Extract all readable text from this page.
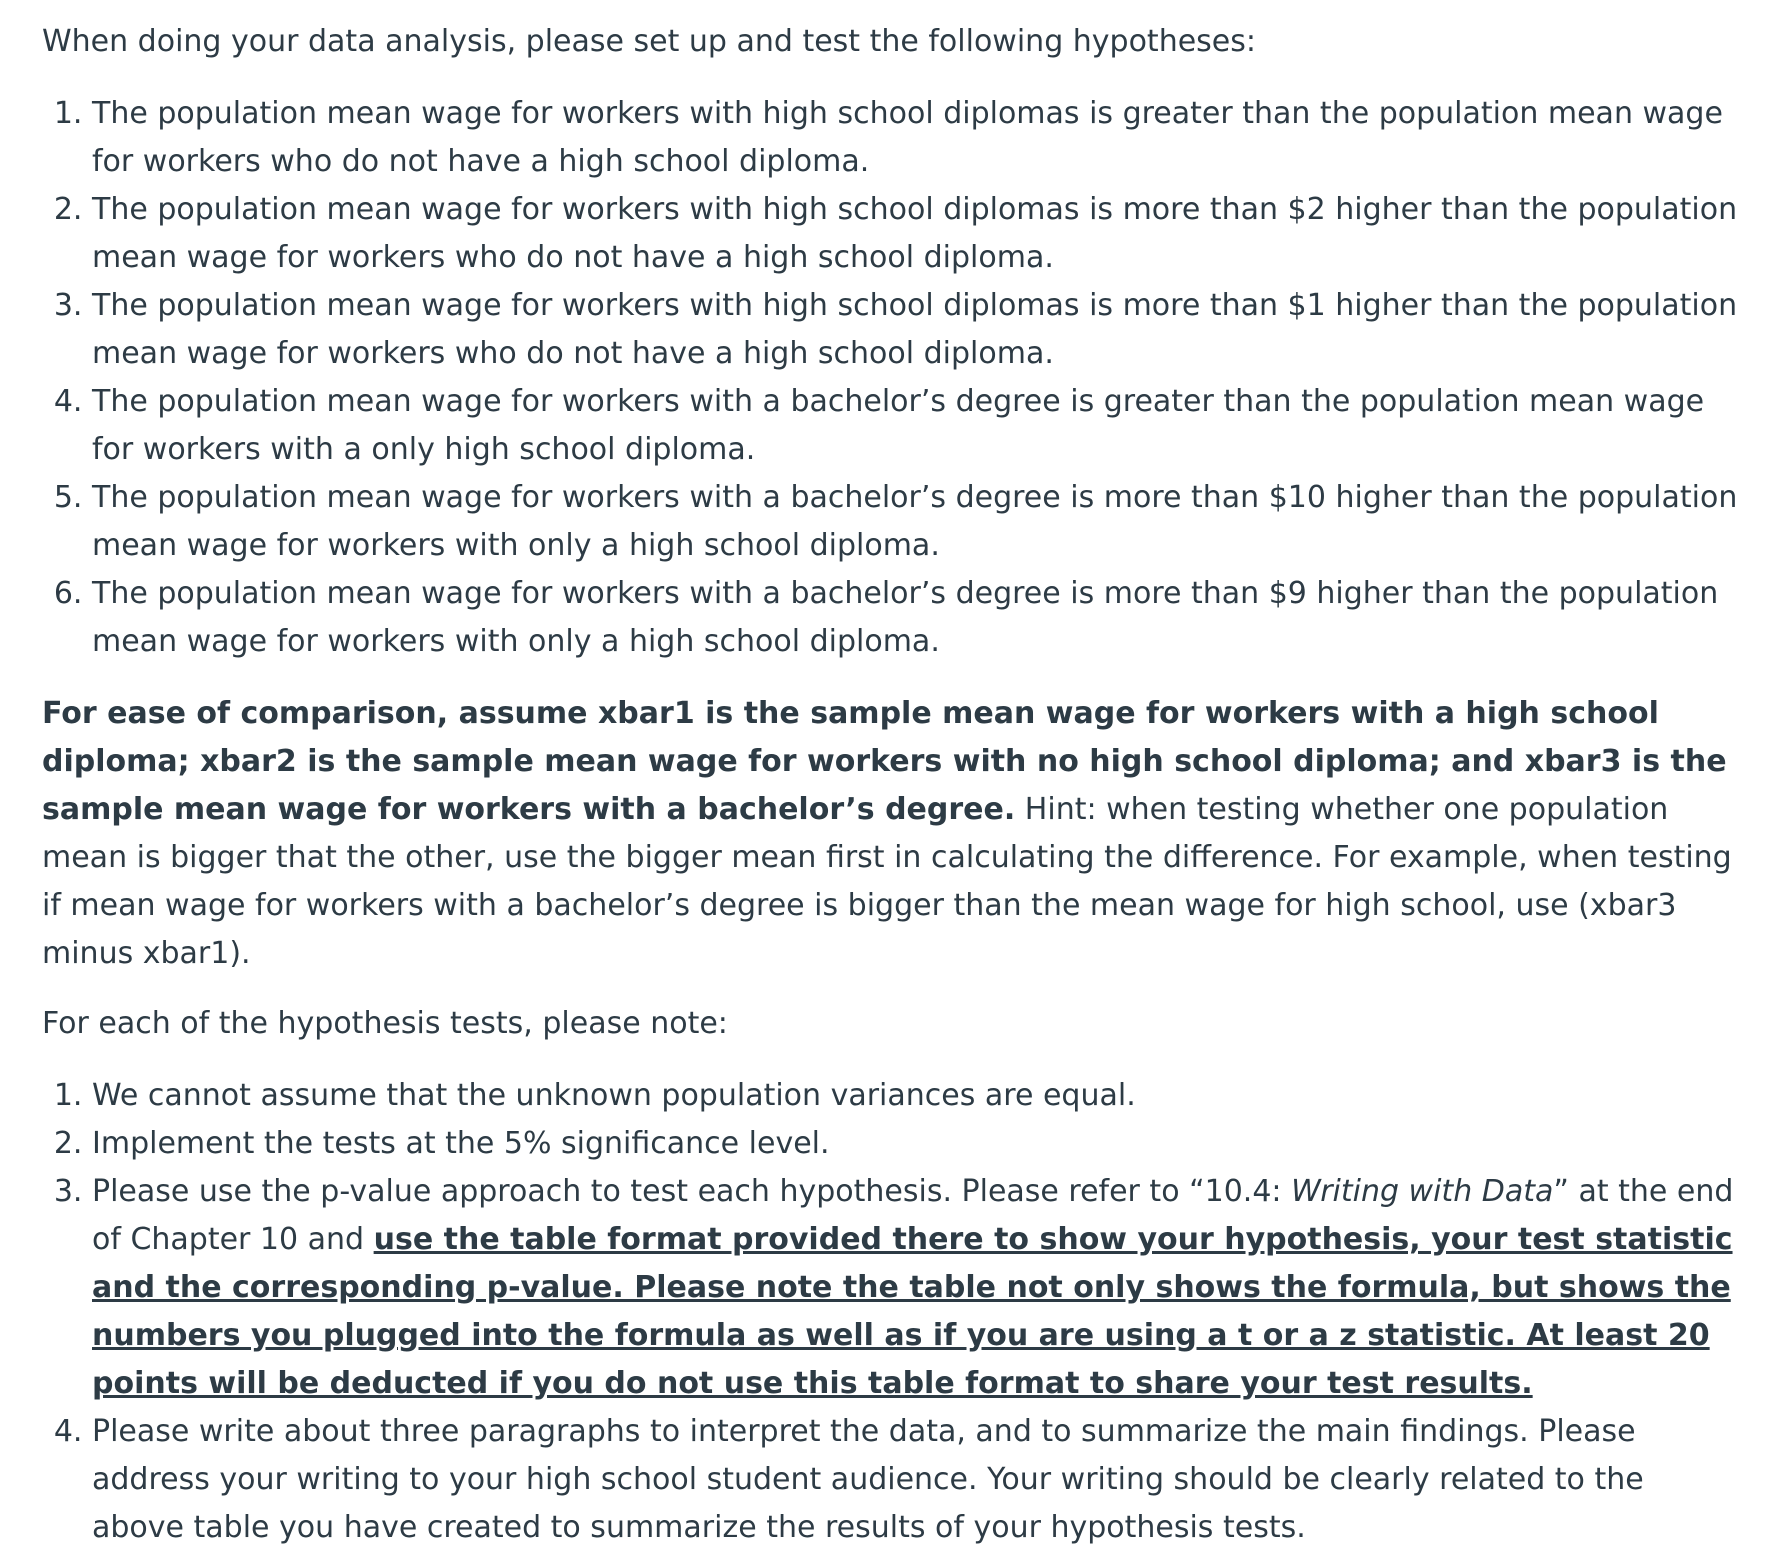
When doing your data analysis, please set up and test the following hypotheses:

1. The population mean wage for workers with high school diplomas is greater than the population mean wage for workers who do not have a high school diploma.
2. The population mean wage for workers with high school diplomas is more than $2 higher than the population mean wage for workers who do not have a high school diploma.
3. The population mean wage for workers with high school diplomas is more than $1 higher than the population mean wage for workers who do not have a high school diploma.
4. The population mean wage for workers with a bachelor’s degree is greater than the population mean wage for workers with a only high school diploma.
5. The population mean wage for workers with a bachelor’s degree is more than $10 higher than the population mean wage for workers with only a high school diploma.
6. The population mean wage for workers with a bachelor’s degree is more than $9 higher than the population mean wage for workers with only a high school diploma.

For ease of comparison, assume xbar1 is the sample mean wage for workers with a high school diploma; xbar2 is the sample mean wage for workers with no high school diploma; and xbar3 is the sample mean wage for workers with a bachelor’s degree. Hint: when testing whether one population mean is bigger that the other, use the bigger mean first in calculating the difference. For example, when testing if mean wage for workers with a bachelor’s degree is bigger than the mean wage for high school, use (xbar3 minus xbar1).

For each of the hypothesis tests, please note:

1. We cannot assume that the unknown population variances are equal.
2. Implement the tests at the 5% significance level.
3. Please use the p-value approach to test each hypothesis. Please refer to “10.4: Writing with Data” at the end of Chapter 10 and use the table format provided there to show your hypothesis, your test statistic and the corresponding p-value. Please note the table not only shows the formula, but shows the numbers you plugged into the formula as well as if you are using a t or a z statistic. At least 20 points will be deducted if you do not use this table format to share your test results.
4. Please write about three paragraphs to interpret the data, and to summarize the main findings. Please address your writing to your high school student audience. Your writing should be clearly related to the above table you have created to summarize the results of your hypothesis tests.
